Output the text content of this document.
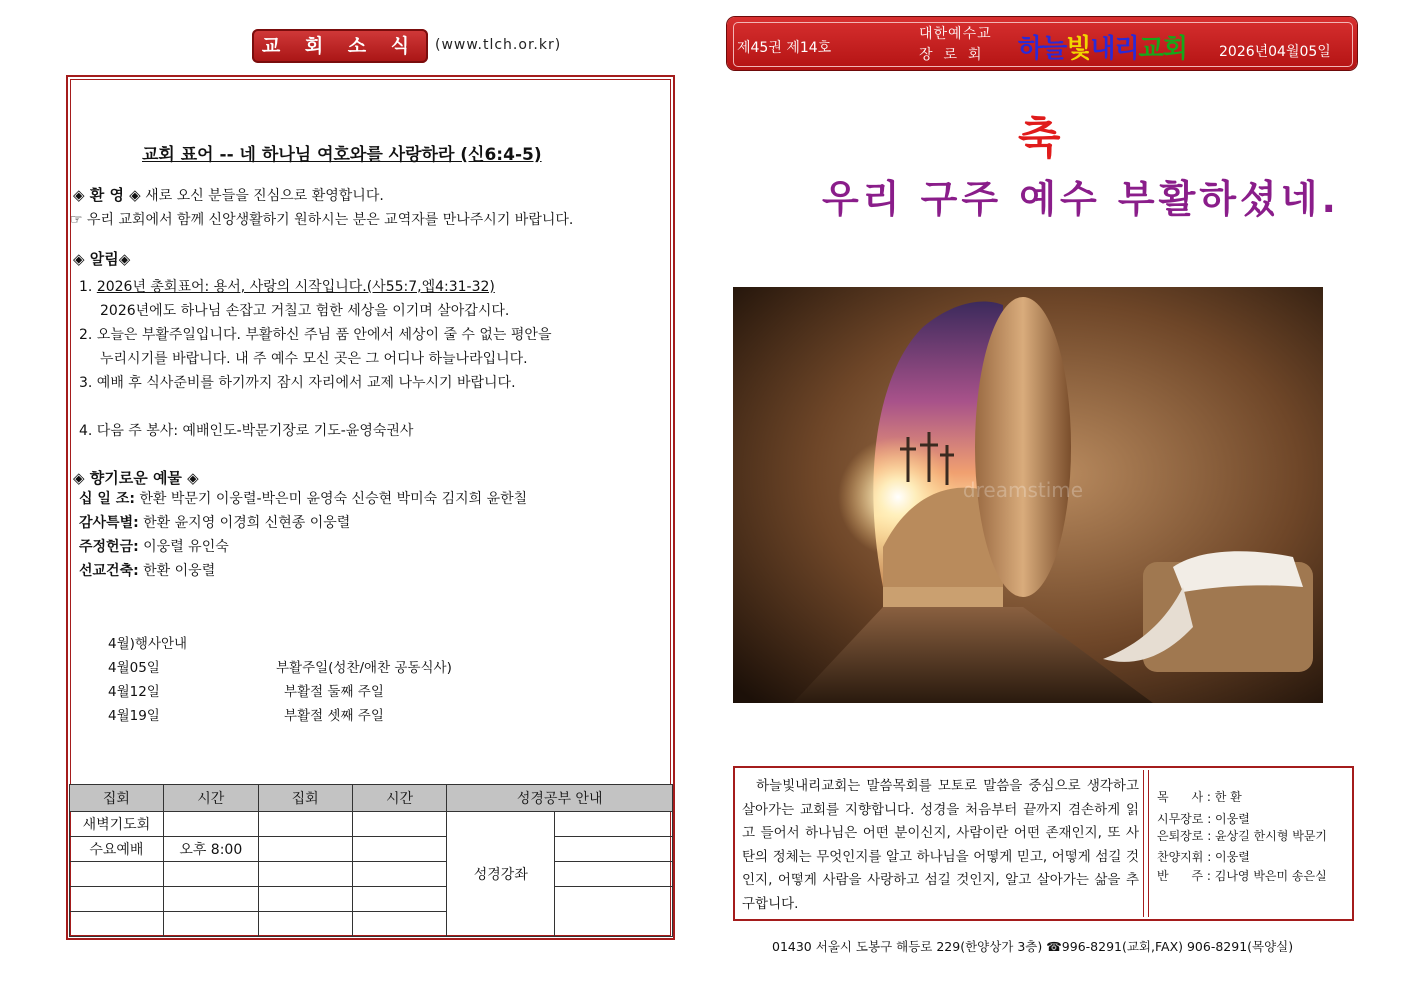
교 회 소 식	(www.tlch.or.kr)
교회 표어 -- 네 하나님 여호와를 사랑하라 (신6:4-5)
◈ 환 영 ◈ 새로 오신 분들을 진심으로 환영합니다.
☞ 우리 교회에서 함께 신앙생활하기 원하시는 분은 교역자를 만나주시기 바랍니다.
◈ 알림◈
1. 2026년 총회표어: 용서, 사랑의 시작입니다.(사55:7,엡4:31-32)
2026년에도 하나님 손잡고 거칠고 험한 세상을 이기며 살아갑시다.
2. 오늘은 부활주일입니다. 부활하신 주님 품 안에서 세상이 줄 수 없는 평안을
누리시기를 바랍니다. 내 주 예수 모신 곳은 그 어디나 하늘나라입니다.
3. 예배 후 식사준비를 하기까지 잠시 자리에서 교제 나누시기 바랍니다.
4. 다음 주 봉사: 예배인도-박문기장로 기도-윤영숙권사
◈ 향기로운 예물 ◈
십 일 조: 한환 박문기 이웅렬-박은미 윤영숙 신승현 박미숙 김지희 윤한칠
감사특별: 한환 윤지영 이경희 신현종 이웅렬
주정헌금: 이웅렬 유인숙
선교건축: 한환 이웅렬
4월)행사안내
4월05일	부활주일(성찬/애찬 공동식사)
4월12일	부활절 둘째 주일
4월19일	부활절 셋째 주일
집회	시간	집회	시간	성경공부 안내	
새벽기도회				성경강좌	
수요예배	오후 8:00				

제45권 제14호
대한예수교
장로회 하늘빛내리교회 2026년04월05일
축
우리 구주 예수 부활하셨네.
dreamstime
하늘빛내리교회는 말씀목회를 모토로 말씀을 중심으로 생각하고 살아가는 교회를 지향합니다. 성경을 처음부터 끝까지 겸손하게 읽고 들어서 하나님은 어떤 분이신지, 사람이란 어떤 존재인지, 또 사탄의 정체는 무엇인지를 알고 하나님을 어떻게 믿고, 어떻게 섬길 것인지, 어떻게 사람을 사랑하고 섬길 것인지, 알고 살아가는 삶을 추구합니다.
목      사 : 한 환
시무장로 : 이웅렬
은퇴장로 : 윤상길 한시형 박문기
찬양지휘 : 이웅렬
반      주 : 김나영 박은미 송은실
01430 서울시 도봉구 해등로 229(한양상가 3층) ☎996-8291(교회,FAX) 906-8291(목양실)
